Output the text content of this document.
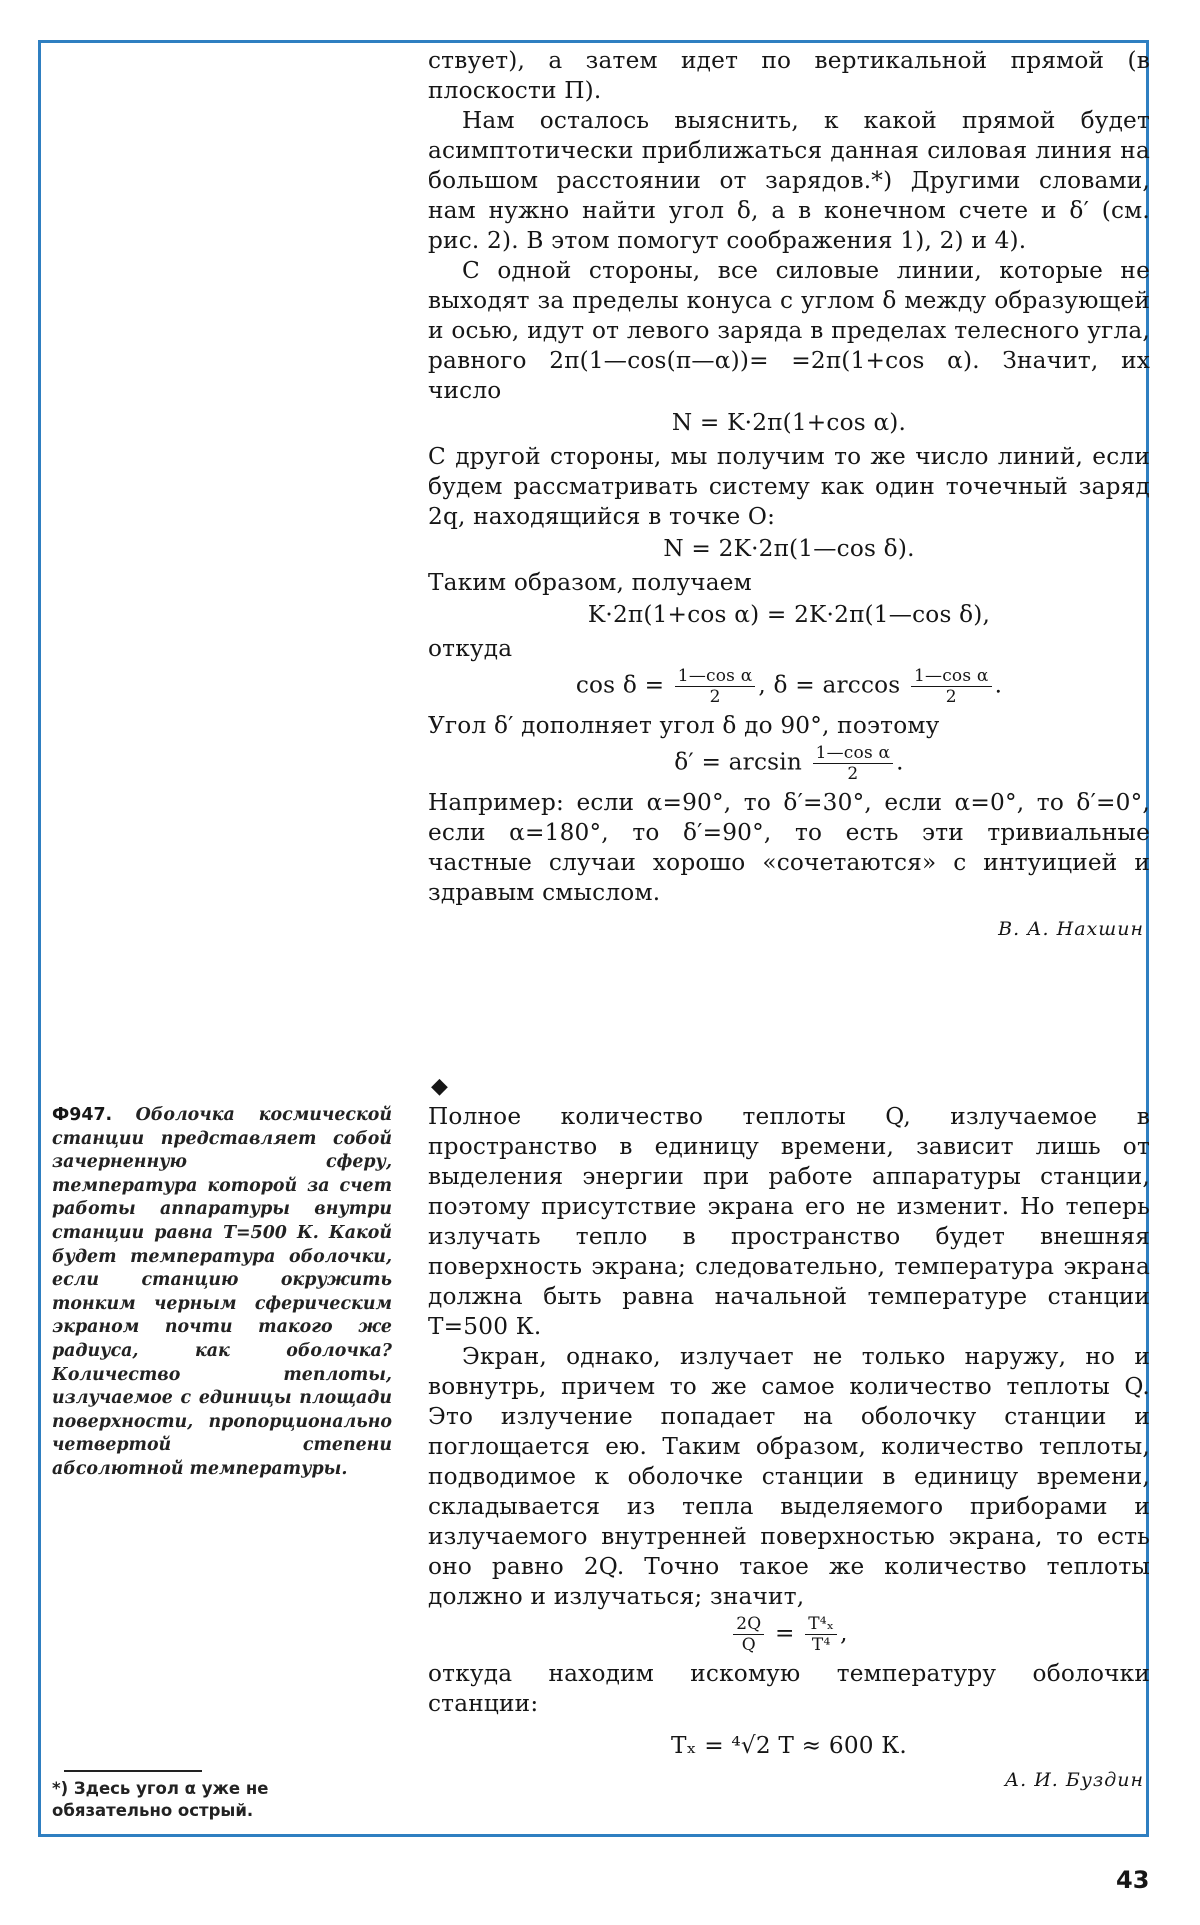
ствует), а затем идет по вертикальной прямой (в плоскости П).

Нам осталось выяснить, к какой прямой будет асимптотически приближаться данная силовая линия на большом расстоянии от зарядов.*) Другими словами, нам нужно найти угол δ, а в конечном счете и δ′ (см. рис. 2). В этом помогут соображения 1), 2) и 4).

С одной стороны, все силовые линии, которые не выходят за пределы конуса с углом δ между образующей и осью, идут от левого заряда в пределах телесного угла, равного 2π(1—cos(π—α))= =2π(1+cos α). Значит, их число

N = K·2π(1+cos α).

С другой стороны, мы получим то же число линий, если будем рассматривать систему как один точечный заряд 2q, находящийся в точке O:

N = 2K·2π(1—cos δ).

Таким образом, получаем

K·2π(1+cos α) = 2K·2π(1—cos δ),

откуда

$\cos \delta = \frac{\text{1—cos α}}{2}$ , $\delta = \arccos \frac{\text{1—cos α}}{2}$ .

Угол δ′ дополняет угол δ до 90°, поэтому

$\delta' = \arcsin \frac{\text{1—cos α}}{2}$ .

Например: если α=90°, то δ′=30°, если α=0°, то δ′=0°, если α=180°, то δ′=90°, то есть эти тривиальные частные случаи хорошо «сочетаются» с интуицией и здравым смыслом.

В. А. Нахшин

◆
Ф947. Оболочка космической станции представляет собой зачерненную сферу, температура которой за счет работы аппаратуры внутри станции равна T=500 К. Какой будет температура оболочки, если станцию окружить тонким черным сферическим экраном почти такого же радиуса, как оболочка? Количество теплоты, излучаемое с единицы площади поверхности, пропорционально четвертой степени абсолютной температуры.

Полное количество теплоты Q, излучаемое в пространство в единицу времени, зависит лишь от выделения энергии при работе аппаратуры станции, поэтому присутствие экрана его не изменит. Но теперь излучать тепло в пространство будет внешняя поверхность экрана; следовательно, температура экрана должна быть равна начальной температуре станции T=500 К.

Экран, однако, излучает не только наружу, но и вовнутрь, причем то же самое количество теплоты Q. Это излучение попадает на оболочку станции и поглощается ею. Таким образом, количество теплоты, подводимое к оболочке станции в единицу времени, складывается из тепла выделяемого приборами и излучаемого внутренней поверхностью экрана, то есть оно равно 2Q. Точно такое же количество теплоты должно и излучаться; значит,

$\frac{2Q}{Q} = \frac{\text{T⁴ₓ}}{\text{T⁴}}$ ,

откуда находим искомую температуру оболочки станции:

Tₓ = ⁴√2 T ≈ 600 К.

А. И. Буздин

*) Здесь угол α уже не обязательно острый.
43
